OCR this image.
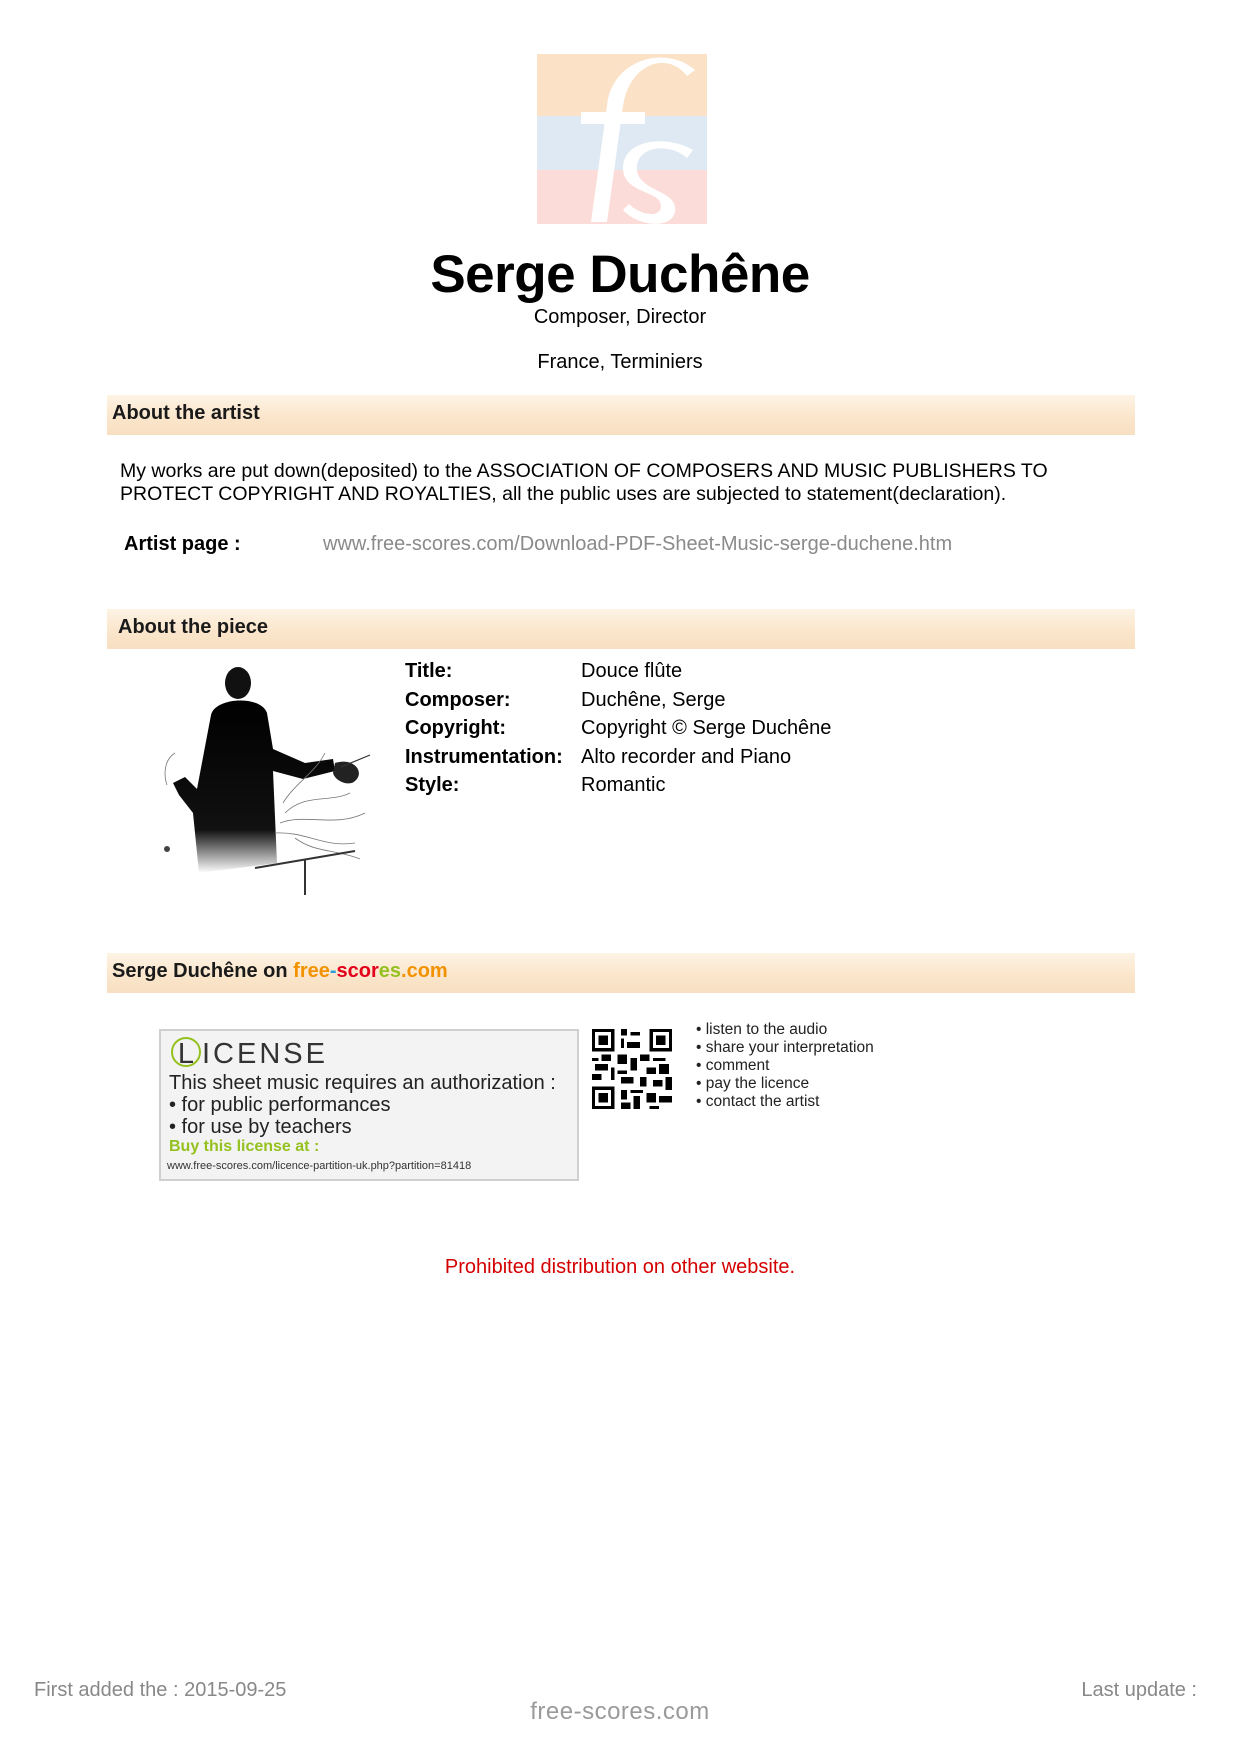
Serge Duchêne
Composer, Director
France, Terminiers
About the artist
My works are put down(deposited) to the ASSOCIATION OF COMPOSERS AND MUSIC PUBLISHERS TO PROTECT COPYRIGHT AND ROYALTIES, all the public uses are subjected to statement(declaration).
Artist page :	www.free-scores.com/Download-PDF-Sheet-Music-serge-duchene.htm
About the piece
Title:	Douce flûte
Composer:	Duchêne, Serge
Copyright:	Copyright © Serge Duchêne
Instrumentation:	Alto recorder and Piano
Style:	Romantic
Serge Duchêne on free-scores.com
L ICENSE
This sheet music requires an authorization :
• for public performances
• for use by teachers
Buy this license at :
www.free-scores.com/licence-partition-uk.php?partition=81418
• listen to the audio
• share your interpretation
• comment
• pay the licence
• contact the artist
Prohibited distribution on other website.
First added the : 2015-09-25	Last update :
free-scores.com
